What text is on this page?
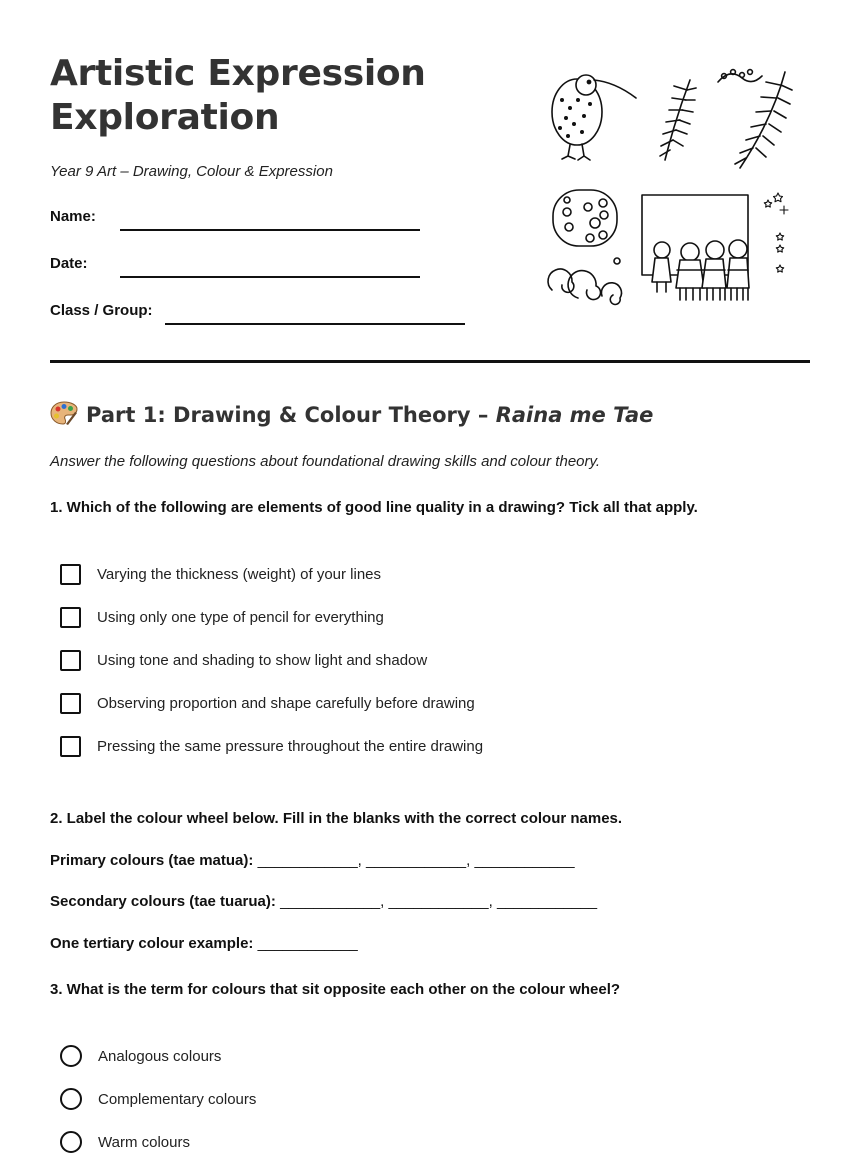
Artistic Expression
Exploration
Year 9 Art – Drawing, Colour & Expression
Name:
Date:
Class / Group:
Part 1: Drawing & Colour Theory – Raina me Tae
Answer the following questions about foundational drawing skills and colour theory.
1. Which of the following are elements of good line quality in a drawing? Tick all that apply.
Varying the thickness (weight) of your lines
Using only one type of pencil for everything
Using tone and shading to show light and shadow
Observing proportion and shape carefully before drawing
Pressing the same pressure throughout the entire drawing
2. Label the colour wheel below. Fill in the blanks with the correct colour names.
Primary colours (tae matua): ____________, ____________, ____________
Secondary colours (tae tuarua): ____________, ____________, ____________
One tertiary colour example: ____________
3. What is the term for colours that sit opposite each other on the colour wheel?
Analogous colours
Complementary colours
Warm colours
